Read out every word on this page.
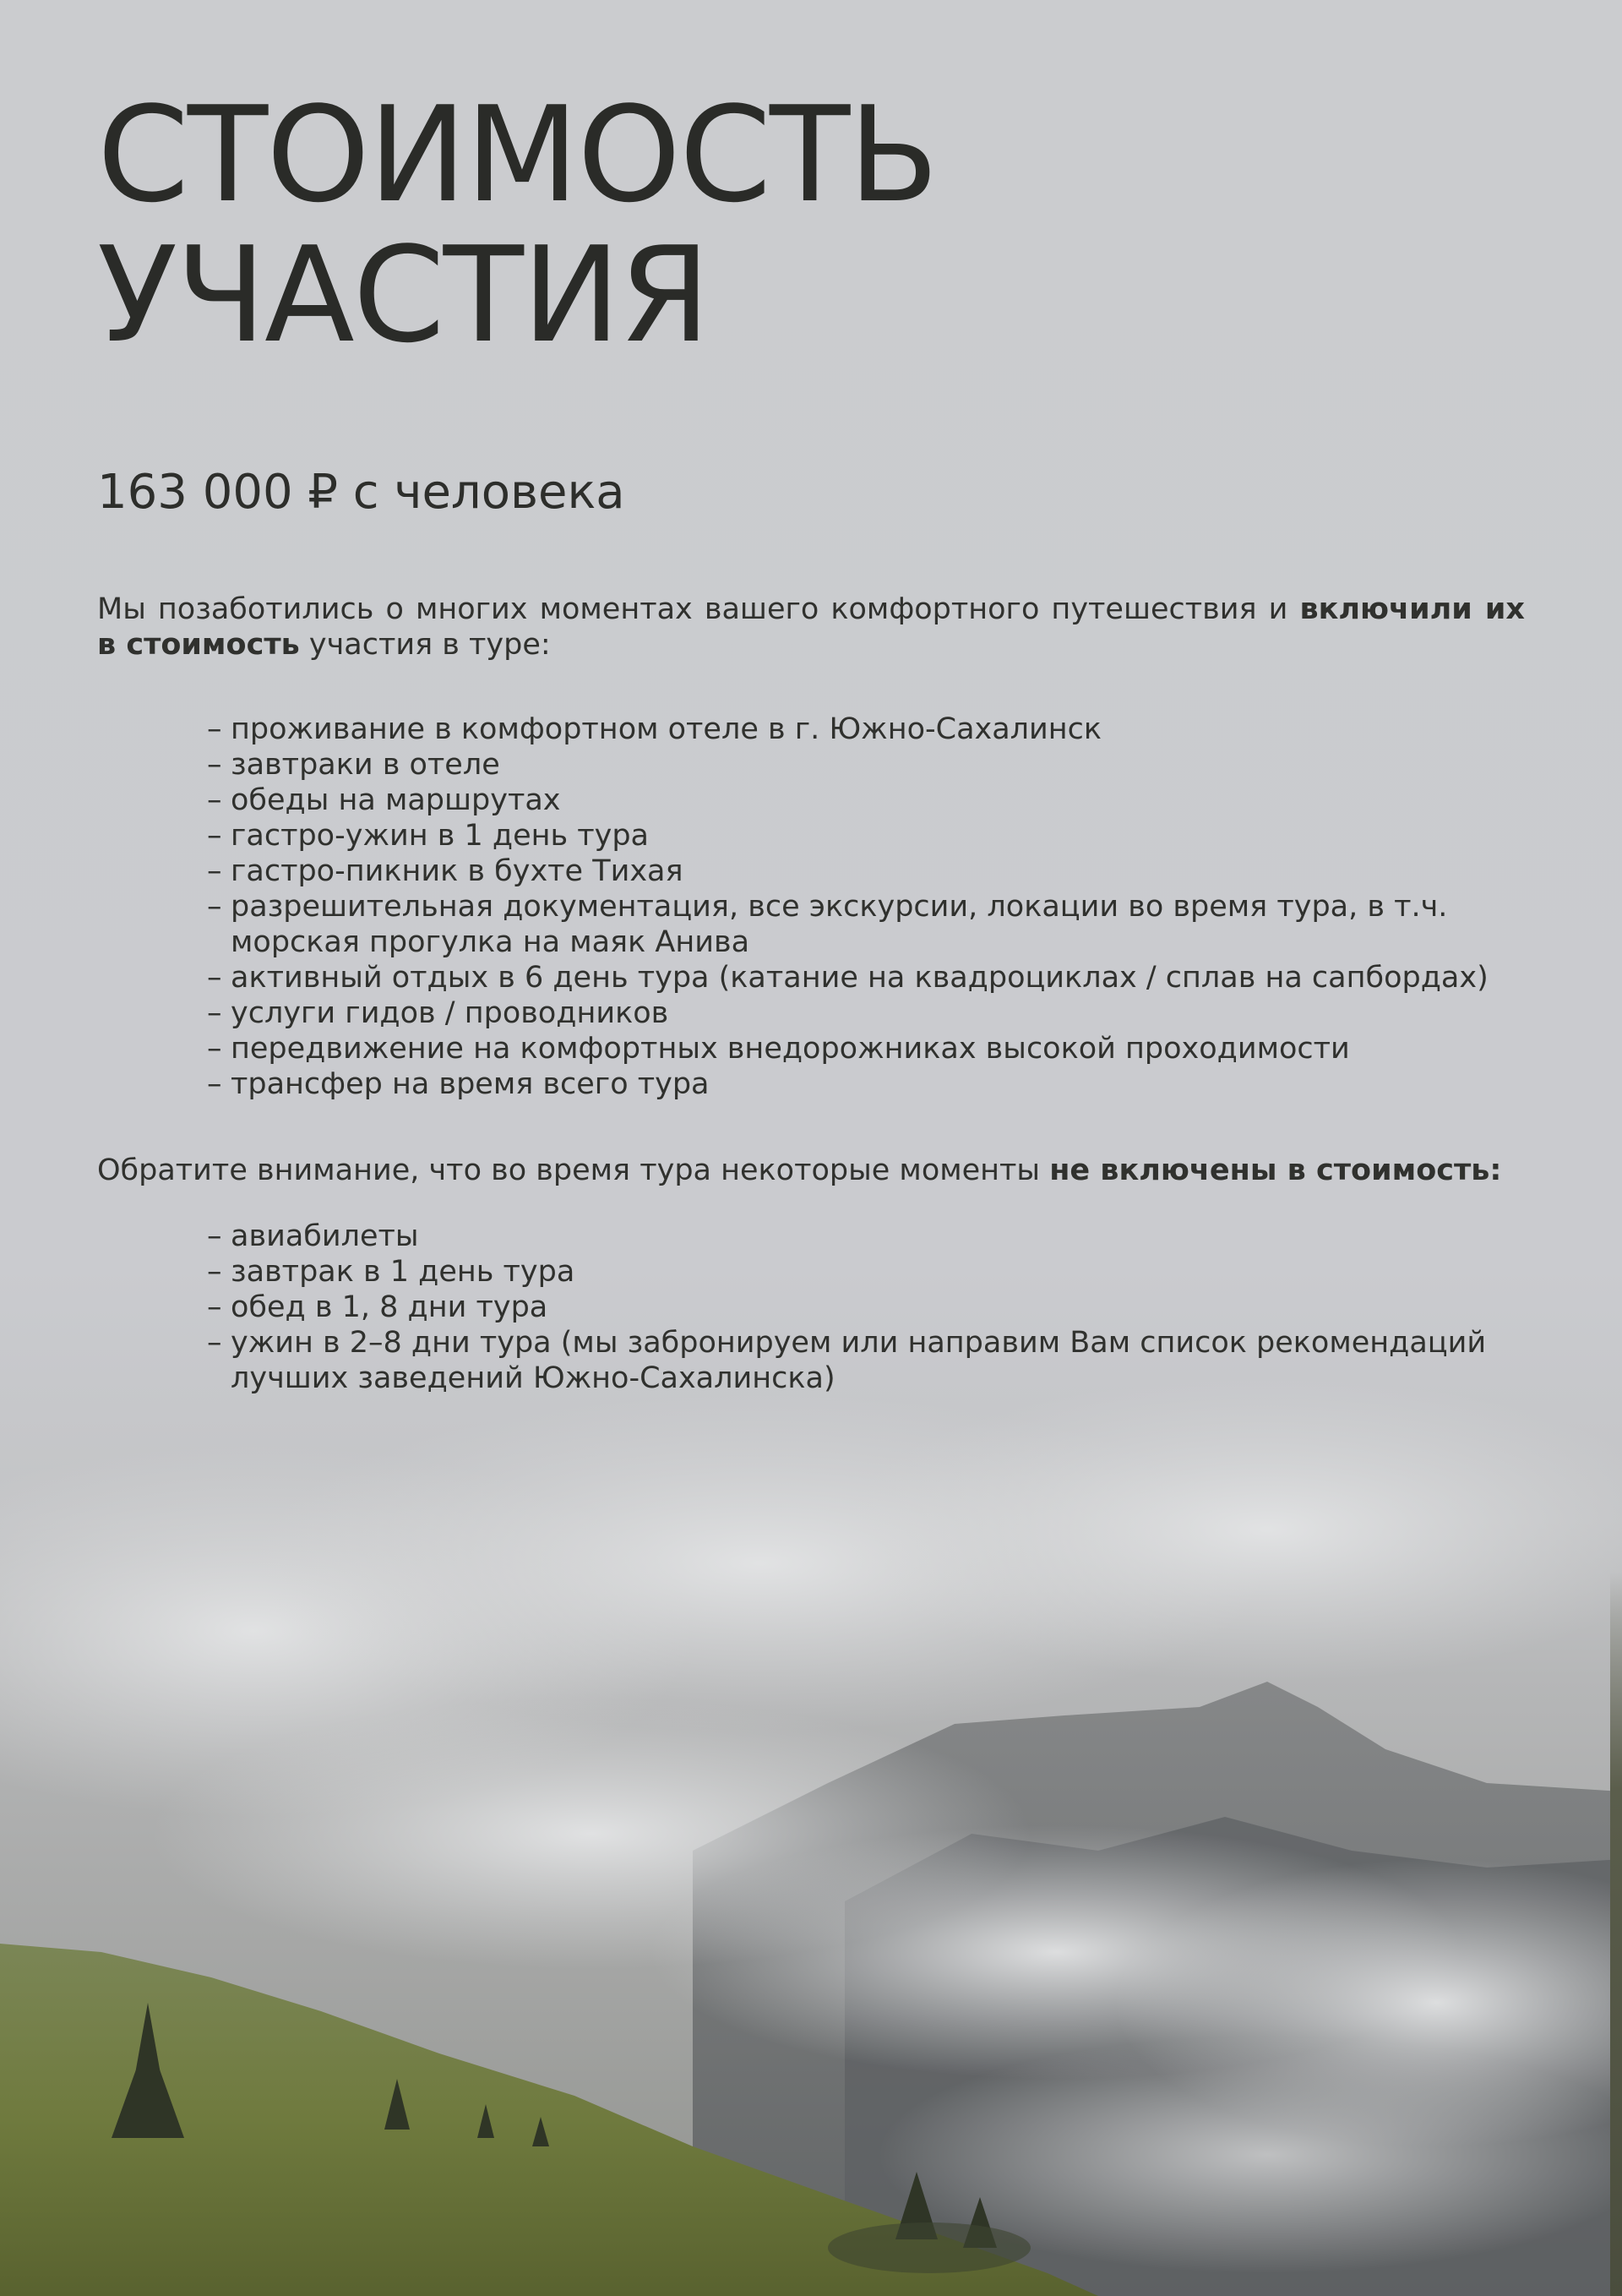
СТОИМОСТЬ
УЧАСТИЯ
163 000 ₽ с человека

Мы позаботились о многих моментах вашего комфортного путешествия и включили их в стоимость участия в туре:

– проживание в комфортном отеле в г. Южно-Сахалинск
– завтраки в отеле
– обеды на маршрутах
– гастро-ужин в 1 день тура
– гастро-пикник в бухте Тихая
– разрешительная документация, все экскурсии, локации во время тура, в т.ч. морская прогулка на маяк Анива
– активный отдых в 6 день тура (катание на квадроциклах / сплав на сапбордах)
– услуги гидов / проводников
– передвижение на комфортных внедорожниках высокой проходимости
– трансфер на время всего тура

Обратите внимание, что во время тура некоторые моменты не включены в стоимость:

– авиабилеты
– завтрак в 1 день тура
– обед в 1, 8 дни тура
– ужин в 2–8 дни тура (мы забронируем или направим Вам список рекомендаций лучших заведений Южно-Сахалинска)
